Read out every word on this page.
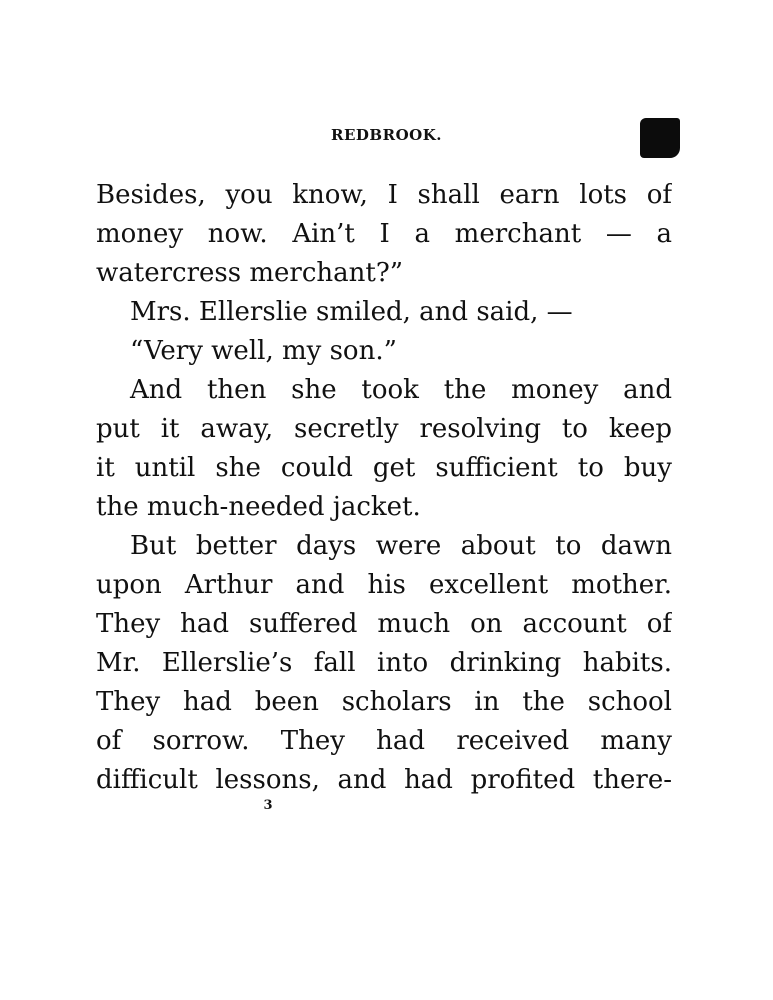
REDBROOK.
Besides, you know, I shall earn lots of
money now. Ain’t I a merchant — a
watercress merchant?”
Mrs. Ellerslie smiled, and said, —
“Very well, my son.”
And then she took the money and
put it away, secretly resolving to keep
it until she could get sufficient to buy
the much-needed jacket.
But better days were about to dawn
upon Arthur and his excellent mother.
They had suffered much on account of
Mr. Ellerslie’s fall into drinking habits.
They had been scholars in the school
of sorrow. They had received many
difficult lessons, and had profited there-
3
